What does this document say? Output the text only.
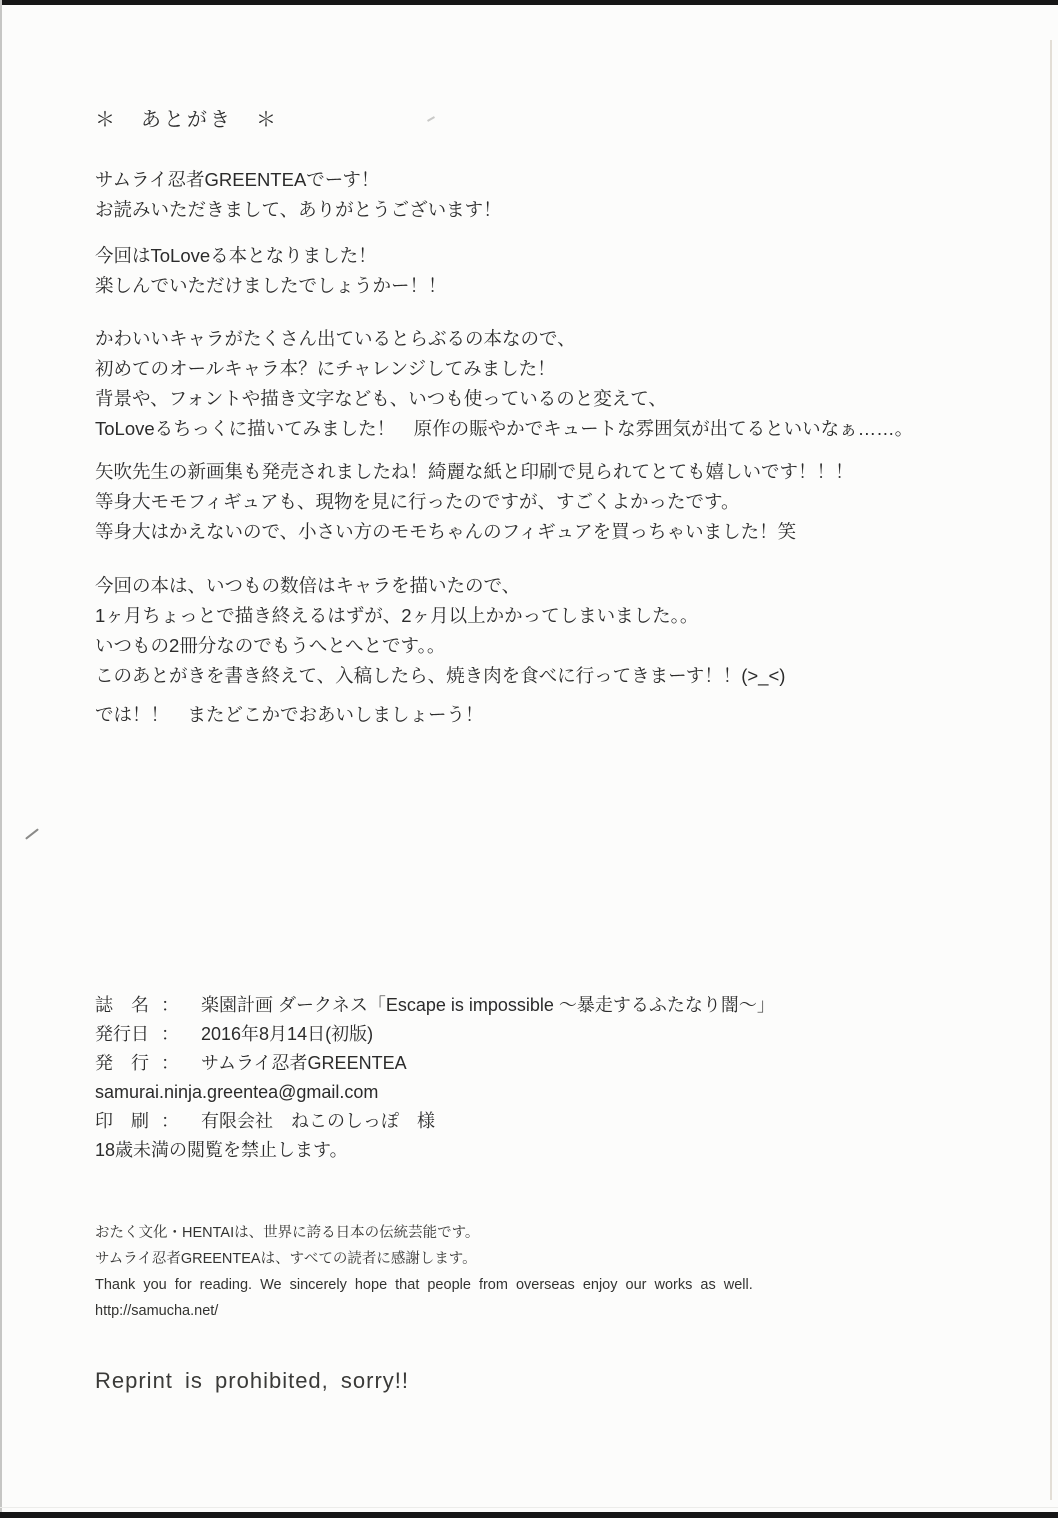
＊　あとがき　＊
サムライ忍者GREENTEAでーす！
お読みいただきまして、ありがとうございます！
今回はToLoveる本となりました！
楽しんでいただけましたでしょうかー！！
かわいいキャラがたくさん出ているとらぶるの本なので、
初めてのオールキャラ本？にチャレンジしてみました！
背景や、フォントや描き文字なども、いつも使っているのと変えて、
ToLoveるちっくに描いてみました！　原作の賑やかでキュートな雰囲気が出てるといいなぁ……。
矢吹先生の新画集も発売されましたね！綺麗な紙と印刷で見られてとても嬉しいです！！！
等身大モモフィギュアも、現物を見に行ったのですが、すごくよかったです。
等身大はかえないので、小さい方のモモちゃんのフィギュアを買っちゃいました！笑
今回の本は、いつもの数倍はキャラを描いたので、
1ヶ月ちょっとで描き終えるはずが、2ヶ月以上かかってしまいました。。
いつもの2冊分なのでもうへとへとです。。
このあとがきを書き終えて、入稿したら、焼き肉を食べに行ってきまーす！！(>_<)
では！！　またどこかでおあいしましょーう！
誌　名 ： 楽園計画 ダークネス「Escape is impossible ～暴走するふたなり闇～」
発行日 ： 2016年8月14日(初版)
発　行 ： サムライ忍者GREENTEA
samurai.ninja.greentea@gmail.com
印　刷 ： 有限会社　ねこのしっぽ　様
18歳未満の閲覧を禁止します。
おたく文化・HENTAIは、世界に誇る日本の伝統芸能です。
サムライ忍者GREENTEAは、すべての読者に感謝します。
Thank you for reading. We sincerely hope that people from overseas enjoy our works as well.
http://samucha.net/
Reprint is prohibited, sorry!!
